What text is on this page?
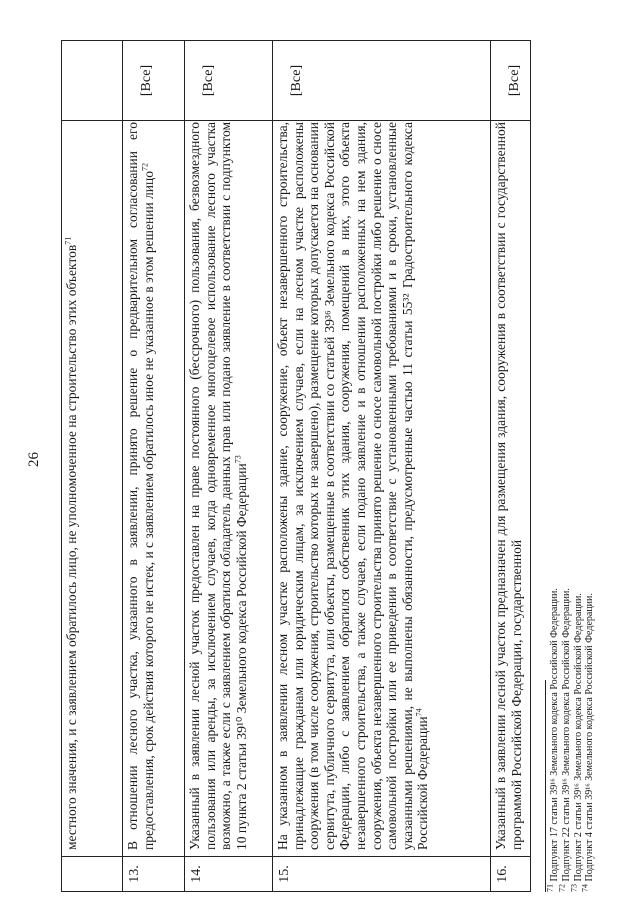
26 местного значения, и с заявлением обратилось лицо, не уполномоченное на строительство этих объектов$^{71}$
13.
В отношении лесного участка, указанного в заявлении, принято решение о предварительном согласовании его предоставления, срок действия которого не истек, и с заявлением обратилось иное не указанное в этом решении лицо$^{72}$
[Все]
14.
Указанный в заявлении лесной участок предоставлен на праве постоянного (бессрочного) пользования, безвозмездного пользования или аренды, за исключением случаев, когда одновременное многоцелевое использование лесного участка возможно, а также если с заявлением обратился обладатель данных прав или подано заявление в соответствии с подпунктом 10 пункта 2 статьи 39¹⁰ Земельного кодекса Российской Федерации$^{73}$
[Все]
15.
На указанном в заявлении лесном участке расположены здание, сооружение, объект незавершенного строительства, принадлежащие гражданам или юридическим лицам, за исключением случаев, если на лесном участке расположены сооружения (в том числе сооружения, строительство которых не завершено), размещение которых допускается на основании сервитута, публичного сервитута, или объекты, размещенные в соответствии со статьей 39³⁶ Земельного кодекса Российской Федерации, либо с заявлением обратился собственник этих здания, сооружения, помещений в них, этого объекта незавершенного строительства, а также случаев, если подано заявление и в отношении расположенных на нем здания, сооружения, объекта незавершенного строительства принято решение о сносе самовольной постройки либо решение о сносе самовольной постройки или ее приведении в соответствие с установленными требованиями и в сроки, установленные указанными решениями, не выполнены обязанности, предусмотренные частью 11 статьи 55³² Градостроительного кодекса Российской Федерации$^{74}$
[Все]
16.
Указанный в заявлении лесной участок предназначен для размещения здания, сооружения в соответствии с государственной программой Российской Федерации, государственной
[Все]
$^{71}$ Подпункт 17 статьи 39¹⁶ Земельного кодекса Российской Федерации.
$^{72}$ Подпункт 22 статьи 39¹⁶ Земельного кодекса Российской Федерации.
$^{73}$ Подпункт 2 статьи 39¹⁶ Земельного кодекса Российской Федерации.
$^{74}$ Подпункт 4 статьи 39¹⁶ Земельного кодекса Российской Федерации.
